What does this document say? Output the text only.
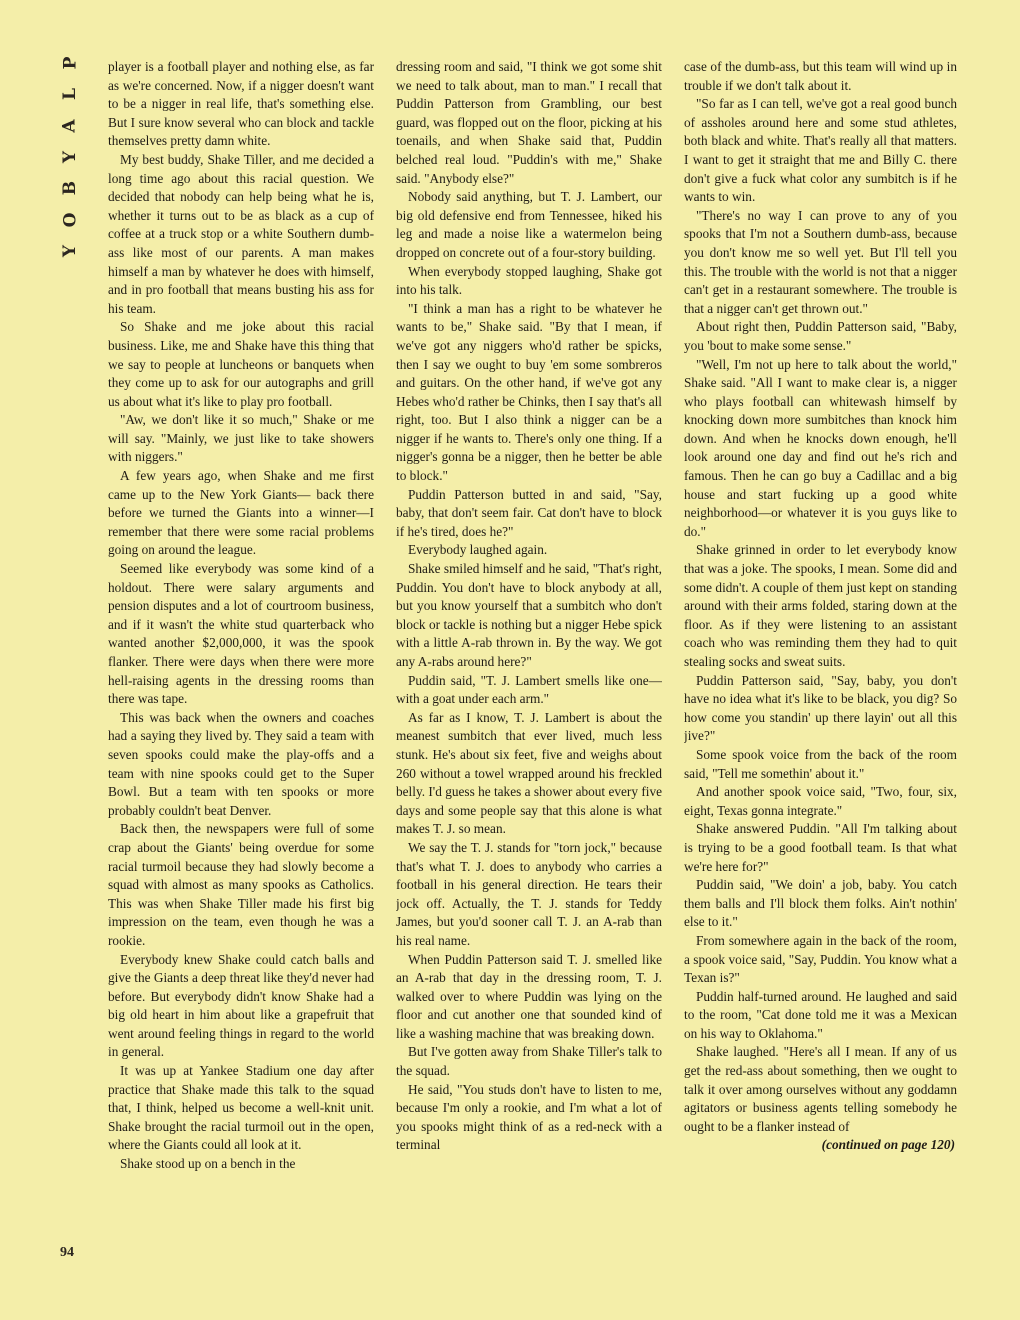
P
L
A
Y
B
O
Y
94

player is a football player and nothing else, as far as we're concerned. Now, if a nigger doesn't want to be a nigger in real life, that's something else. But I sure know several who can block and tackle themselves pretty damn white.

My best buddy, Shake Tiller, and me decided a long time ago about this racial question. We decided that nobody can help being what he is, whether it turns out to be as black as a cup of coffee at a truck stop or a white Southern dumb-ass like most of our parents. A man makes himself a man by whatever he does with himself, and in pro football that means busting his ass for his team.

So Shake and me joke about this racial business. Like, me and Shake have this thing that we say to people at luncheons or banquets when they come up to ask for our autographs and grill us about what it's like to play pro football.

"Aw, we don't like it so much," Shake or me will say. "Mainly, we just like to take showers with niggers."

A few years ago, when Shake and me first came up to the New York Giants— back there before we turned the Giants into a winner—I remember that there were some racial problems going on around the league.

Seemed like everybody was some kind of a holdout. There were salary arguments and pension disputes and a lot of courtroom business, and if it wasn't the white stud quarterback who wanted another $2,000,000, it was the spook flanker. There were days when there were more hell-raising agents in the dressing rooms than there was tape.

This was back when the owners and coaches had a saying they lived by. They said a team with seven spooks could make the play-offs and a team with nine spooks could get to the Super Bowl. But a team with ten spooks or more probably couldn't beat Denver.

Back then, the newspapers were full of some crap about the Giants' being overdue for some racial turmoil because they had slowly become a squad with almost as many spooks as Catholics. This was when Shake Tiller made his first big impression on the team, even though he was a rookie.

Everybody knew Shake could catch balls and give the Giants a deep threat like they'd never had before. But everybody didn't know Shake had a big old heart in him about like a grapefruit that went around feeling things in regard to the world in general.

It was up at Yankee Stadium one day after practice that Shake made this talk to the squad that, I think, helped us become a well-knit unit. Shake brought the racial turmoil out in the open, where the Giants could all look at it.

Shake stood up on a bench in the

dressing room and said, "I think we got some shit we need to talk about, man to man." I recall that Puddin Patterson from Grambling, our best guard, was flopped out on the floor, picking at his toenails, and when Shake said that, Puddin belched real loud. "Puddin's with me," Shake said. "Anybody else?"

Nobody said anything, but T. J. Lambert, our big old defensive end from Tennessee, hiked his leg and made a noise like a watermelon being dropped on concrete out of a four-story building.

When everybody stopped laughing, Shake got into his talk.

"I think a man has a right to be whatever he wants to be," Shake said. "By that I mean, if we've got any niggers who'd rather be spicks, then I say we ought to buy 'em some sombreros and guitars. On the other hand, if we've got any Hebes who'd rather be Chinks, then I say that's all right, too. But I also think a nigger can be a nigger if he wants to. There's only one thing. If a nigger's gonna be a nigger, then he better be able to block."

Puddin Patterson butted in and said, "Say, baby, that don't seem fair. Cat don't have to block if he's tired, does he?"

Everybody laughed again.

Shake smiled himself and he said, "That's right, Puddin. You don't have to block anybody at all, but you know yourself that a sumbitch who don't block or tackle is nothing but a nigger Hebe spick with a little A-rab thrown in. By the way. We got any A-rabs around here?"

Puddin said, "T. J. Lambert smells like one—with a goat under each arm."

As far as I know, T. J. Lambert is about the meanest sumbitch that ever lived, much less stunk. He's about six feet, five and weighs about 260 without a towel wrapped around his freckled belly. I'd guess he takes a shower about every five days and some people say that this alone is what makes T. J. so mean.

We say the T. J. stands for "torn jock," because that's what T. J. does to anybody who carries a football in his general direction. He tears their jock off. Actually, the T. J. stands for Teddy James, but you'd sooner call T. J. an A-rab than his real name.

When Puddin Patterson said T. J. smelled like an A-rab that day in the dressing room, T. J. walked over to where Puddin was lying on the floor and cut another one that sounded kind of like a washing machine that was breaking down.

But I've gotten away from Shake Tiller's talk to the squad.

He said, "You studs don't have to listen to me, because I'm only a rookie, and I'm what a lot of you spooks might think of as a red-neck with a terminal

case of the dumb-ass, but this team will wind up in trouble if we don't talk about it.

"So far as I can tell, we've got a real good bunch of assholes around here and some stud athletes, both black and white. That's really all that matters. I want to get it straight that me and Billy C. there don't give a fuck what color any sumbitch is if he wants to win.

"There's no way I can prove to any of you spooks that I'm not a Southern dumb-ass, because you don't know me so well yet. But I'll tell you this. The trouble with the world is not that a nigger can't get in a restaurant somewhere. The trouble is that a nigger can't get thrown out."

About right then, Puddin Patterson said, "Baby, you 'bout to make some sense."

"Well, I'm not up here to talk about the world," Shake said. "All I want to make clear is, a nigger who plays football can whitewash himself by knocking down more sumbitches than knock him down. And when he knocks down enough, he'll look around one day and find out he's rich and famous. Then he can go buy a Cadillac and a big house and start fucking up a good white neighborhood—or whatever it is you guys like to do."

Shake grinned in order to let everybody know that was a joke. The spooks, I mean. Some did and some didn't. A couple of them just kept on standing around with their arms folded, staring down at the floor. As if they were listening to an assistant coach who was reminding them they had to quit stealing socks and sweat suits.

Puddin Patterson said, "Say, baby, you don't have no idea what it's like to be black, you dig? So how come you standin' up there layin' out all this jive?"

Some spook voice from the back of the room said, "Tell me somethin' about it."

And another spook voice said, "Two, four, six, eight, Texas gonna integrate."

Shake answered Puddin. "All I'm talking about is trying to be a good football team. Is that what we're here for?"

Puddin said, "We doin' a job, baby. You catch them balls and I'll block them folks. Ain't nothin' else to it."

From somewhere again in the back of the room, a spook voice said, "Say, Puddin. You know what a Texan is?"

Puddin half-turned around. He laughed and said to the room, "Cat done told me it was a Mexican on his way to Oklahoma."

Shake laughed. "Here's all I mean. If any of us get the red-ass about something, then we ought to talk it over among ourselves without any goddamn agitators or business agents telling somebody he ought to be a flanker instead of

(continued on page 120)
